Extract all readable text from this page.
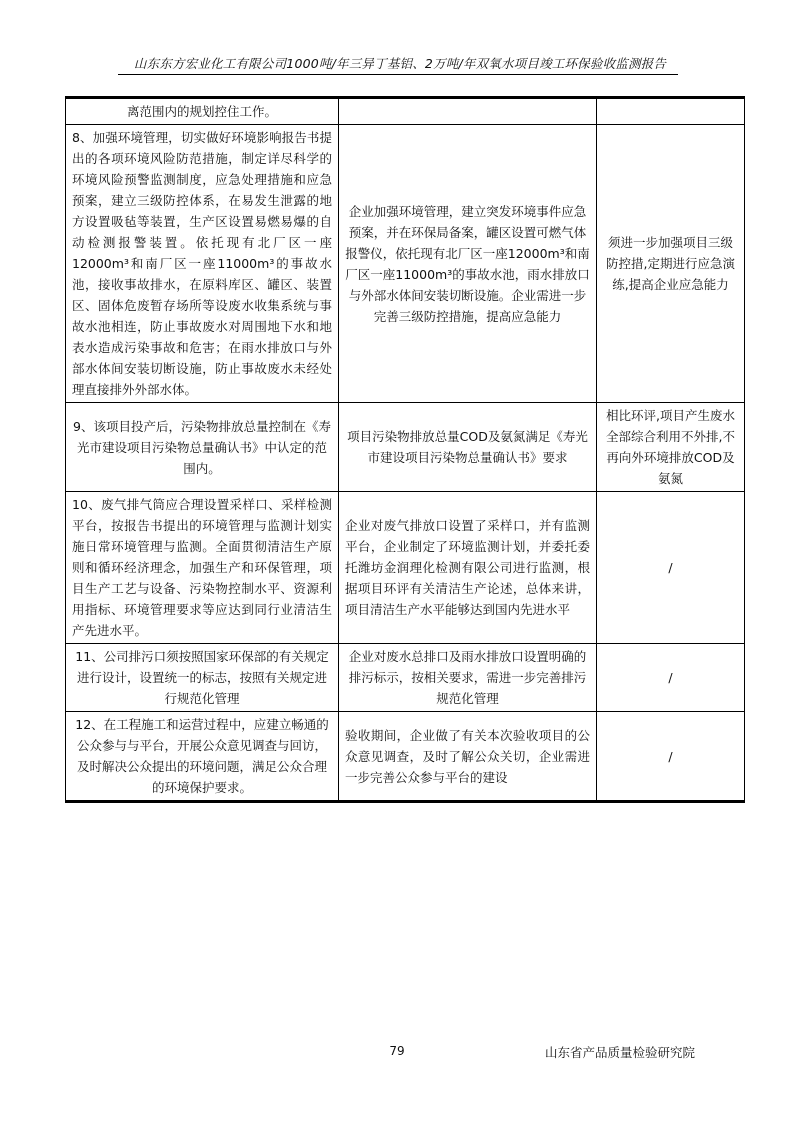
山东东方宏业化工有限公司1000吨/年三异丁基铝、2万吨/年双氧水项目竣工环保验收监测报告
离范围内的规划控住工作。		
8、加强环境管理，切实做好环境影响报告书提出的各项环境风险防范措施，制定详尽科学的环境风险预警监测制度，应急处理措施和应急预案，建立三级防控体系，在易发生泄露的地方设置吸毡等装置，生产区设置易燃易爆的自动检测报警装置。依托现有北厂区一座12000m³和南厂区一座11000m³的事故水池，接收事故排水，在原料库区、罐区、装置区、固体危废暂存场所等设废水收集系统与事故水池相连，防止事故废水对周围地下水和地表水造成污染事故和危害；在雨水排放口与外部水体间安装切断设施，防止事故废水未经处理直接排外外部水体。	企业加强环境管理，建立突发环境事件应急预案，并在环保局备案，罐区设置可燃气体报警仪，依托现有北厂区一座12000m³和南厂区一座11000m³的事故水池，雨水排放口与外部水体间安装切断设施。企业需进一步完善三级防控措施，提高应急能力	须进一步加强项目三级防控措,定期进行应急演练,提高企业应急能力
9、该项目投产后，污染物排放总量控制在《寿光市建设项目污染物总量确认书》中认定的范围内。	项目污染物排放总量COD及氨氮满足《寿光市建设项目污染物总量确认书》要求	相比环评,项目产生废水全部综合利用不外排,不再向外环境排放COD及氨氮
10、废气排气筒应合理设置采样口、采样检测平台，按报告书提出的环境管理与监测计划实施日常环境管理与监测。全面贯彻清洁生产原则和循环经济理念，加强生产和环保管理，项目生产工艺与设备、污染物控制水平、资源利用指标、环境管理要求等应达到同行业清洁生产先进水平。	企业对废气排放口设置了采样口，并有监测平台，企业制定了环境监测计划，并委托委托潍坊金润理化检测有限公司进行监测，根据项目环评有关清洁生产论述，总体来讲，项目清洁生产水平能够达到国内先进水平	/
11、公司排污口须按照国家环保部的有关规定进行设计，设置统一的标志，按照有关规定进行规范化管理	企业对废水总排口及雨水排放口设置明确的排污标示，按相关要求，需进一步完善排污规范化管理	/
12、在工程施工和运营过程中，应建立畅通的公众参与与平台，开展公众意见调查与回访，及时解决公众提出的环境问题，满足公众合理的环境保护要求。	验收期间，企业做了有关本次验收项目的公众意见调查，及时了解公众关切，企业需进一步完善公众参与平台的建设	/
79	山东省产品质量检验研究院
